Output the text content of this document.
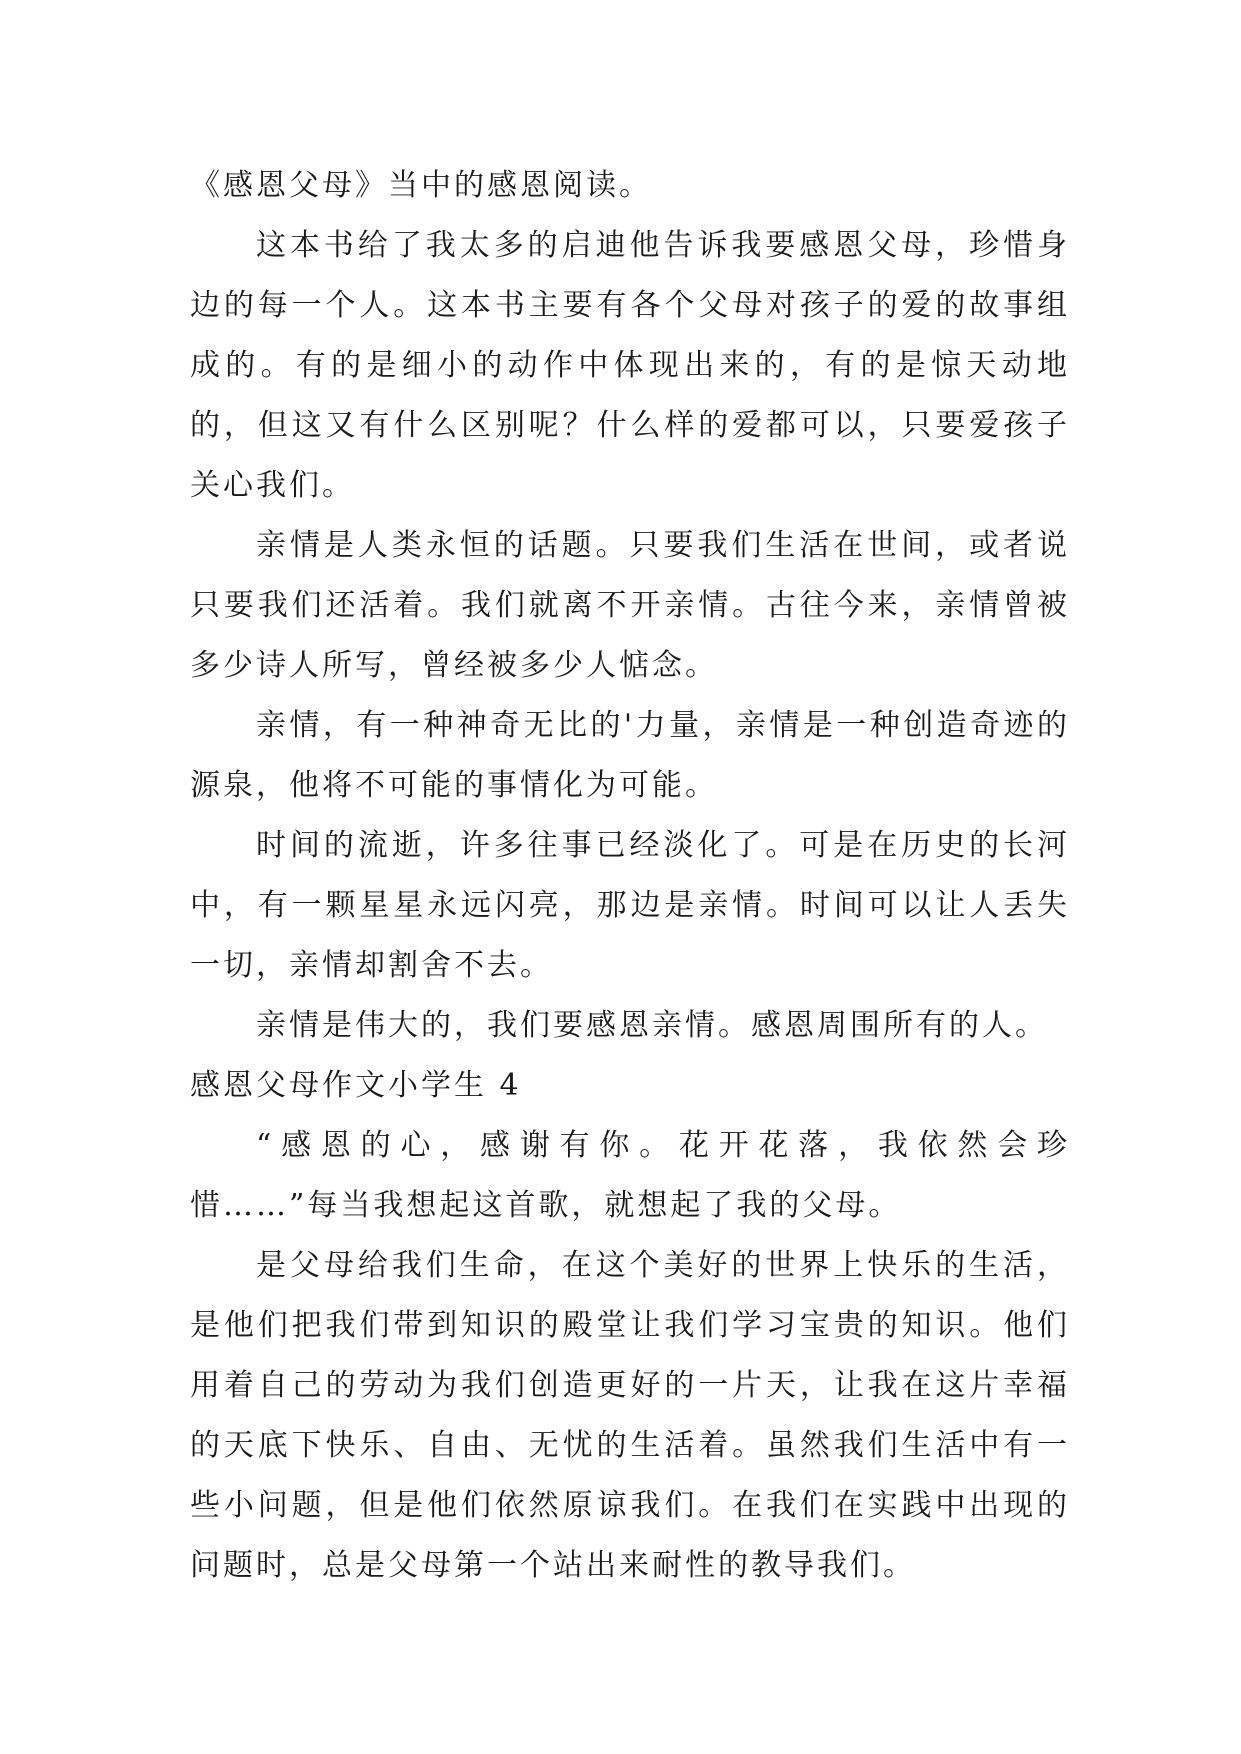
《感恩父母》当中的感恩阅读。

这本书给了我太多的启迪他告诉我要感恩父母，珍惜身边的每一个人。这本书主要有各个父母对孩子的爱的故事组成的。有的是细小的动作中体现出来的，有的是惊天动地的，但这又有什么区别呢？什么样的爱都可以，只要爱孩子关心我们。

亲情是人类永恒的话题。只要我们生活在世间，或者说只要我们还活着。我们就离不开亲情。古往今来，亲情曾被多少诗人所写，曾经被多少人惦念。

亲情，有一种神奇无比的'力量，亲情是一种创造奇迹的源泉，他将不可能的事情化为可能。

时间的流逝，许多往事已经淡化了。可是在历史的长河中，有一颗星星永远闪亮，那边是亲情。时间可以让人丢失一切，亲情却割舍不去。

亲情是伟大的，我们要感恩亲情。感恩周围所有的人。

感恩父母作文小学生 4

“感恩的心，感谢有你。花开花落，我依然会珍惜……”每当我想起这首歌，就想起了我的父母。

是父母给我们生命，在这个美好的世界上快乐的生活，是他们把我们带到知识的殿堂让我们学习宝贵的知识。他们用着自己的劳动为我们创造更好的一片天，让我在这片幸福的天底下快乐、自由、无忧的生活着。虽然我们生活中有一些小问题，但是他们依然原谅我们。在我们在实践中出现的问题时，总是父母第一个站出来耐性的教导我们。
